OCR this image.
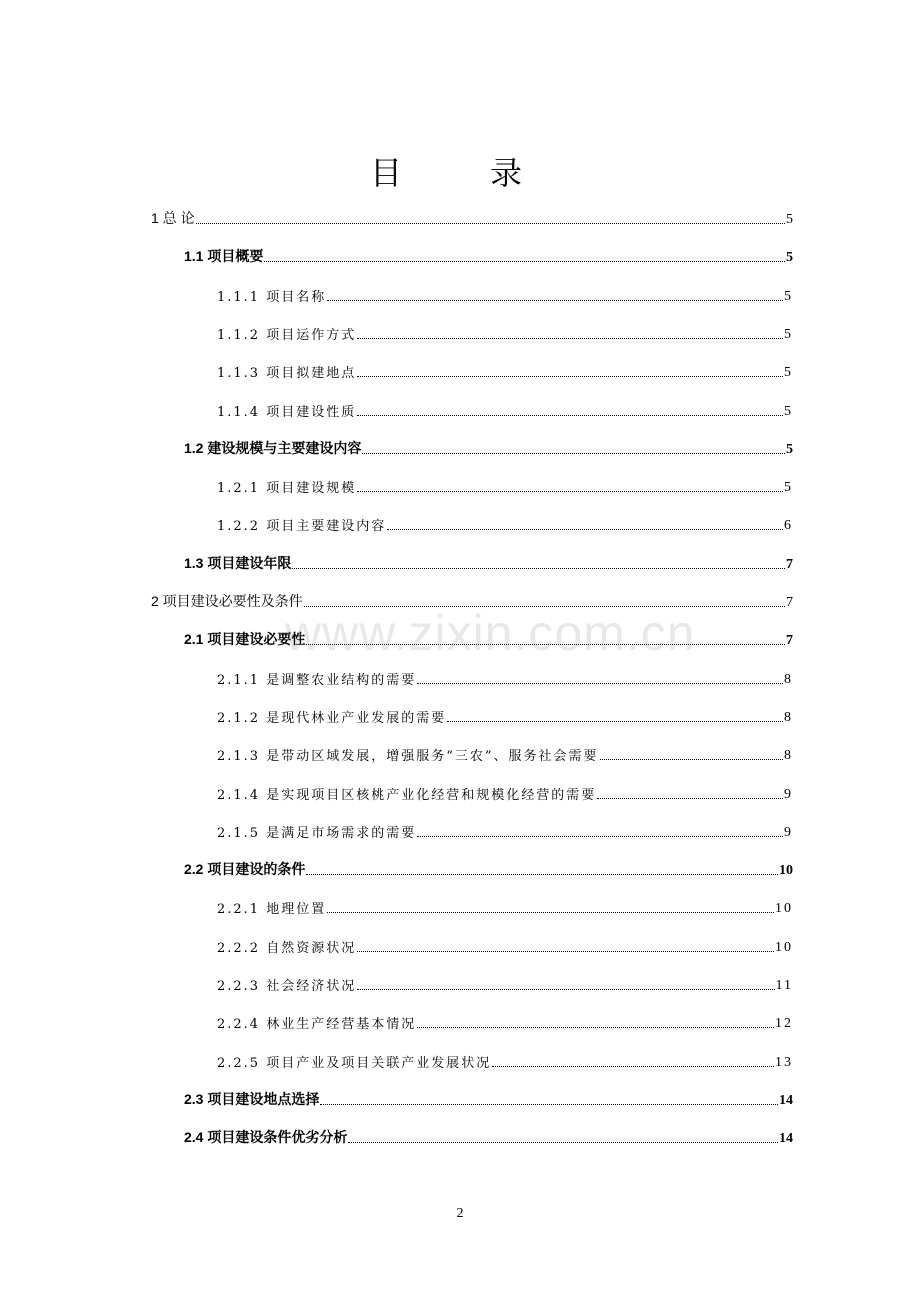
目　录
1 总 论	5
1.1 项目概要	5
1.1.1 项目名称	5
1.1.2 项目运作方式	5
1.1.3 项目拟建地点	5
1.1.4 项目建设性质	5
1.2 建设规模与主要建设内容	5
1.2.1 项目建设规模	5
1.2.2 项目主要建设内容	6
1.3 项目建设年限	7
2 项目建设必要性及条件	7
2.1 项目建设必要性	7
2.1.1 是调整农业结构的需要	8
2.1.2 是现代林业产业发展的需要	8
2.1.3 是带动区域发展，增强服务“三农”、服务社会需要	8
2.1.4 是实现项目区核桃产业化经营和规模化经营的需要	9
2.1.5 是满足市场需求的需要	9
2.2 项目建设的条件	10
2.2.1 地理位置	10
2.2.2 自然资源状况	10
2.2.3 社会经济状况	11
2.2.4 林业生产经营基本情况	12
2.2.5 项目产业及项目关联产业发展状况	13
2.3 项目建设地点选择	14
2.4 项目建设条件优劣分析	14
www.zixin.com.cn
2
